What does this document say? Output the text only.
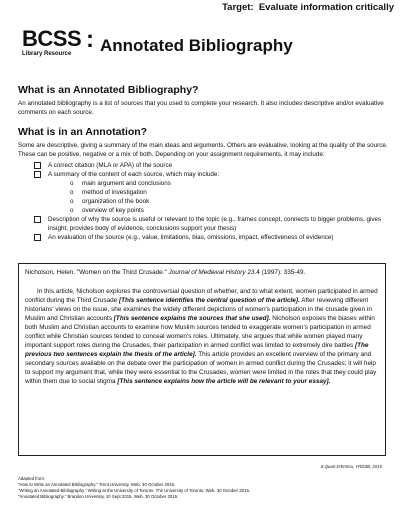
Target: Evaluate information critically
BCSS
Library Resource
: Annotated Bibliography
What is an Annotated Bibliography?

An annotated bibliography is a list of sources that you used to complete your research. It also includes descriptive and/or evaluative comments on each source.

What is in an Annotation?

Some are descriptive, giving a summary of the main ideas and arguments. Others are evaluative, looking at the quality of the source. These can be positive, negative or a mix of both. Depending on your assignment requirements, it may include:

A correct citation (MLA or APA) of the source
A summary of the content of each source, which may include:
o main argument and conclusions
o method of investigation
o organization of the book
o overview of key points
Description of why the source is useful or relevant to the topic (e.g., frames concept, connects to bigger problems, gives insight, provides body of evidence, conclusions support your thesis)
An evaluation of the source (e.g., value, limitations, bias, omissions, impact, effectiveness of evidence)

Nicholson, Helen. "Women on the Third Crusade." Journal of Medieval History 23.4 (1997): 335-49.

In this article, Nicholson explores the controversial question of whether, and to what extent, women participated in armed conflict during the Third Crusade [This sentence identifies the central question of the article]. After reviewing different historians' views on the issue, she examines the widely different depictions of women's participation in the crusade given in Muslim and Christian accounts [This sentence explains the sources that she used]. Nicholson exposes the biases within both Muslim and Christian accounts to examine how Muslim sources tended to exaggerate women's participation in armed conflict while Christian sources tended to conceal women's roles. Ultimately, she argues that while women played many important support roles during the Crusades, their participation in armed conflict was limited to extremely dire battles [The previous two sentences explain the thesis of the article]. This article provides an excellent overview of the primary and secondary sources available on the debate over the participation of women in armed conflict during the Crusades; it will help to support my argument that, while they were essential to the Crusades, women were limited in the roles that they could play within them due to social stigma [This sentence explains how the article will be relevant to your essay].

S.Quan-D'Emma, YRDSB, 2015
Adapted from:
"How to Write an Annotated Bibliography." Trent University. Web. 30 October 2015.
"Writing an Annotated Bibliography." Writing at the University of Toronto. The University of Toronto. Web. 30 October 2015.
"Annotated Bibliography." Brandon University. 10 Sept 2015. Web. 30 October 2015.
